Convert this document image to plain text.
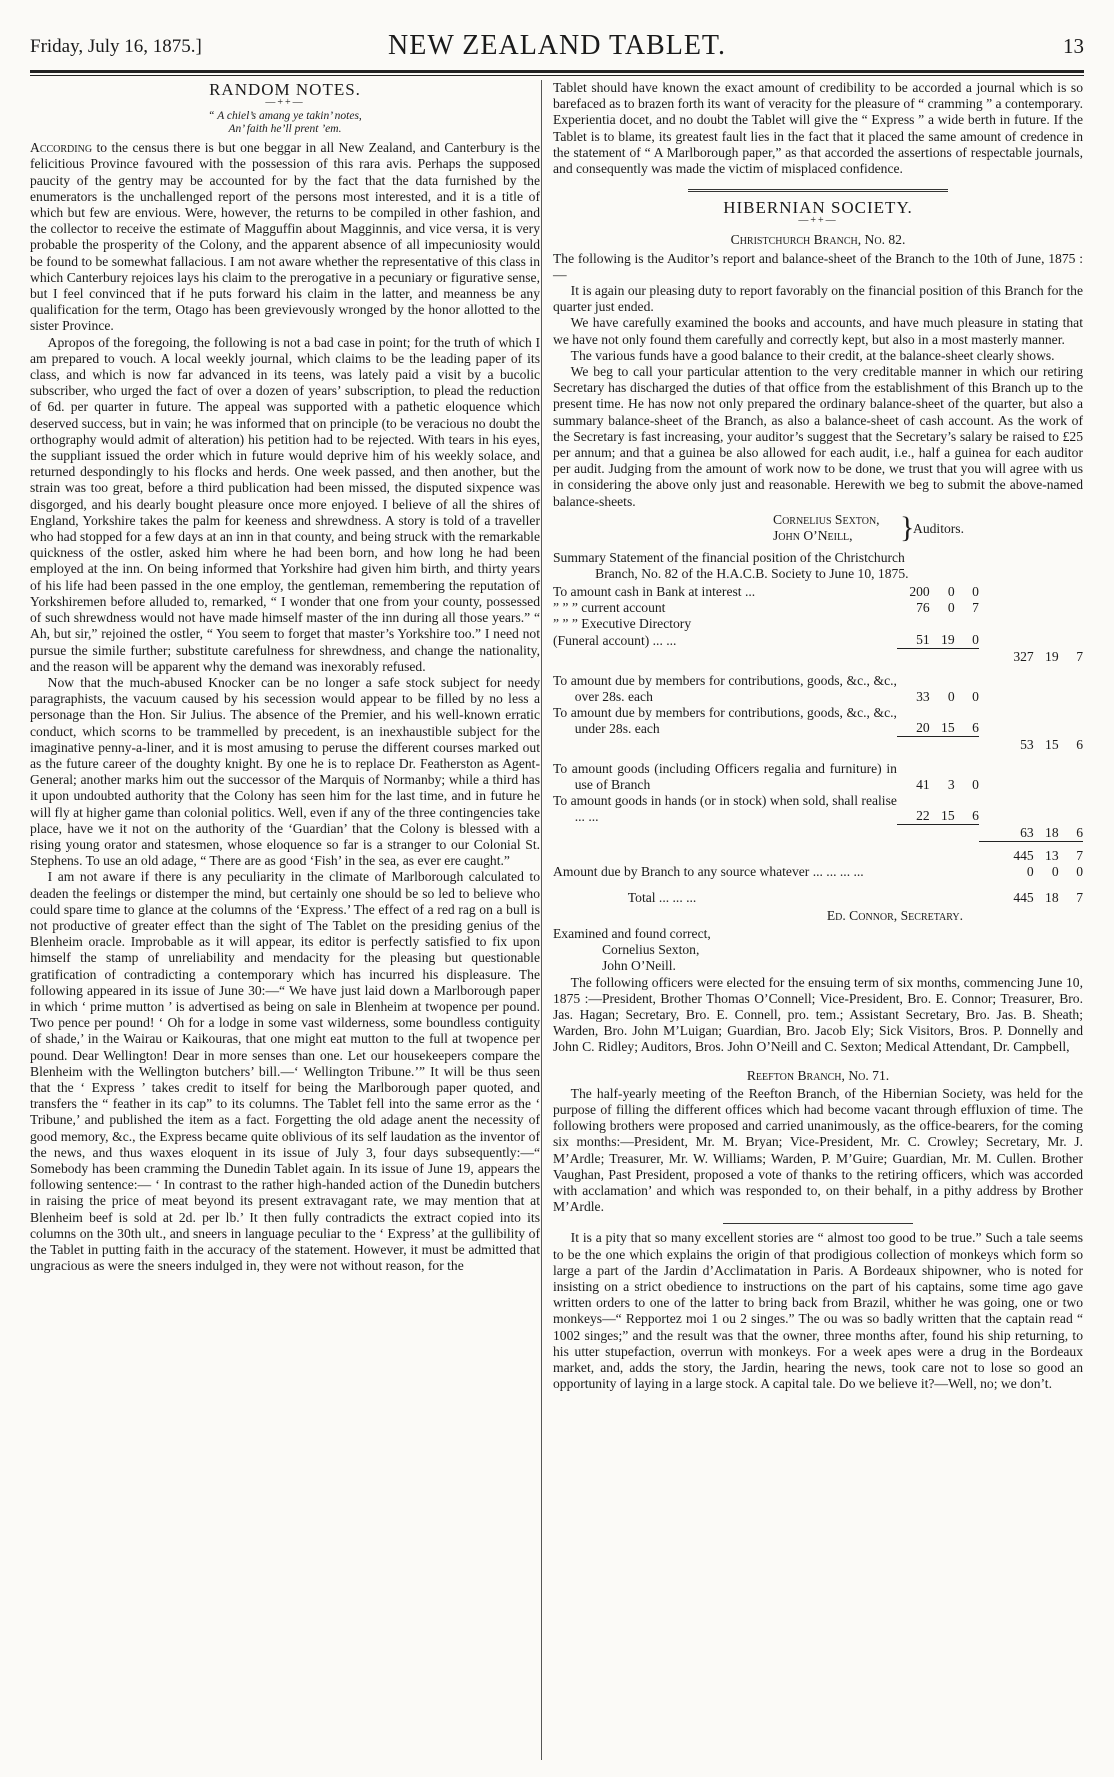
Friday, July 16, 1875.]	NEW ZEALAND TABLET.	13
RANDOM NOTES.
—++—
“ A chiel’s amang ye takin’ notes,
An’ faith he’ll prent ’em.

According to the census there is but one beggar in all New Zealand, and Canterbury is the felicitious Province favoured with the possession of this rara avis. Perhaps the supposed paucity of the gentry may be accounted for by the fact that the data furnished by the enumerators is the unchallenged report of the persons most interested, and it is a title of which but few are envious. Were, however, the returns to be compiled in other fashion, and the collector to receive the estimate of Magguffin about Magginnis, and vice versa, it is very probable the prosperity of the Colony, and the apparent absence of all impecuniosity would be found to be somewhat fallacious. I am not aware whether the representative of this class in which Canterbury rejoices lays his claim to the prerogative in a pecuniary or figurative sense, but I feel convinced that if he puts forward his claim in the latter, and meanness be any qualification for the term, Otago has been grevievously wronged by the honor allotted to the sister Province.

Apropos of the foregoing, the following is not a bad case in point; for the truth of which I am prepared to vouch. A local weekly journal, which claims to be the leading paper of its class, and which is now far advanced in its teens, was lately paid a visit by a bucolic subscriber, who urged the fact of over a dozen of years’ subscription, to plead the reduction of 6d. per quarter in future. The appeal was supported with a pathetic eloquence which deserved success, but in vain; he was informed that on principle (to be veracious no doubt the orthography would admit of alteration) his petition had to be rejected. With tears in his eyes, the suppliant issued the order which in future would deprive him of his weekly solace, and returned despondingly to his flocks and herds. One week passed, and then another, but the strain was too great, before a third publication had been missed, the disputed sixpence was disgorged, and his dearly bought pleasure once more enjoyed. I believe of all the shires of England, Yorkshire takes the palm for keeness and shrewdness. A story is told of a traveller who had stopped for a few days at an inn in that county, and being struck with the remarkable quickness of the ostler, asked him where he had been born, and how long he had been employed at the inn. On being informed that Yorkshire had given him birth, and thirty years of his life had been passed in the one employ, the gentleman, remembering the reputation of Yorkshiremen before alluded to, remarked, “ I wonder that one from your county, possessed of such shrewdness would not have made himself master of the inn during all those years.” “ Ah, but sir,” rejoined the ostler, “ You seem to forget that master’s Yorkshire too.” I need not pursue the simile further; substitute carefulness for shrewdness, and change the nationality, and the reason will be apparent why the demand was inexorably refused.

Now that the much-abused Knocker can be no longer a safe stock subject for needy paragraphists, the vacuum caused by his secession would appear to be filled by no less a personage than the Hon. Sir Julius. The absence of the Premier, and his well-known erratic conduct, which scorns to be trammelled by precedent, is an inexhaustible subject for the imaginative penny-a-liner, and it is most amusing to peruse the different courses marked out as the future career of the doughty knight. By one he is to replace Dr. Featherston as Agent-General; another marks him out the successor of the Marquis of Normanby; while a third has it upon undoubted authority that the Colony has seen him for the last time, and in future he will fly at higher game than colonial politics. Well, even if any of the three contingencies take place, have we it not on the authority of the ‘Guardian’ that the Colony is blessed with a rising young orator and statesmen, whose eloquence so far is a stranger to our Colonial St. Stephens. To use an old adage, “ There are as good ‘Fish’ in the sea, as ever ere caught.”

I am not aware if there is any peculiarity in the climate of Marlborough calculated to deaden the feelings or distemper the mind, but certainly one should be so led to believe who could spare time to glance at the columns of the ‘Express.’ The effect of a red rag on a bull is not productive of greater effect than the sight of The Tablet on the presiding genius of the Blenheim oracle. Improbable as it will appear, its editor is perfectly satisfied to fix upon himself the stamp of unreliability and mendacity for the pleasing but questionable gratification of contradicting a contemporary which has incurred his displeasure. The following appeared in its issue of June 30:—“ We have just laid down a Marlborough paper in which ‘ prime mutton ’ is advertised as being on sale in Blenheim at twopence per pound. Two pence per pound! ‘ Oh for a lodge in some vast wilderness, some boundless contiguity of shade,’ in the Wairau or Kaikouras, that one might eat mutton to the full at twopence per pound. Dear Wellington! Dear in more senses than one. Let our housekeepers compare the Blenheim with the Wellington butchers’ bill.—‘ Wellington Tribune.’” It will be thus seen that the ‘ Express ’ takes credit to itself for being the Marlborough paper quoted, and transfers the “ feather in its cap” to its columns. The Tablet fell into the same error as the ‘ Tribune,’ and published the item as a fact. Forgetting the old adage anent the necessity of good memory, &c., the Express became quite oblivious of its self laudation as the inventor of the news, and thus waxes eloquent in its issue of July 3, four days subsequently:—“ Somebody has been cramming the Dunedin Tablet again. In its issue of June 19, appears the following sentence:— ‘ In contrast to the rather high-handed action of the Dunedin butchers in raising the price of meat beyond its present extravagant rate, we may mention that at Blenheim beef is sold at 2d. per lb.’ It then fully contradicts the extract copied into its columns on the 30th ult., and sneers in language peculiar to the ‘ Express’ at the gullibility of the Tablet in putting faith in the accuracy of the statement. However, it must be admitted that ungracious as were the sneers indulged in, they were not without reason, for the

Tablet should have known the exact amount of credibility to be accorded a journal which is so barefaced as to brazen forth its want of veracity for the pleasure of “ cramming ” a contemporary. Experientia docet, and no doubt the Tablet will give the “ Express ” a wide berth in future. If the Tablet is to blame, its greatest fault lies in the fact that it placed the same amount of credence in the statement of “ A Marlborough paper,” as that accorded the assertions of respectable journals, and consequently was made the victim of misplaced confidence.

HIBERNIAN SOCIETY.
—++—
Christchurch Branch, No. 82.

The following is the Auditor’s report and balance-sheet of the Branch to the 10th of June, 1875 :—

It is again our pleasing duty to report favorably on the financial position of this Branch for the quarter just ended.

We have carefully examined the books and accounts, and have much pleasure in stating that we have not only found them carefully and correctly kept, but also in a most masterly manner.

The various funds have a good balance to their credit, at the balance-sheet clearly shows.

We beg to call your particular attention to the very creditable manner in which our retiring Secretary has discharged the duties of that office from the establishment of this Branch up to the present time. He has now not only prepared the ordinary balance-sheet of the quarter, but also a summary balance-sheet of the Branch, as also a balance-sheet of cash account. As the work of the Secretary is fast increasing, your auditor’s suggest that the Secretary’s salary be raised to £25 per annum; and that a guinea be also allowed for each audit, i.e., half a guinea for each auditor per audit. Judging from the amount of work now to be done, we trust that you will agree with us in considering the above only just and reasonable. Herewith we beg to submit the above-named balance-sheets.

Cornelius Sexton,
John O’Neill,	}
Auditors.
Summary Statement of the financial position of the Christchurch
Branch, No. 82 of the H.A.C.B. Society to June 10, 1875.
To amount cash in Bank at interest ...	200	0	0			
” ” ” current account	76	0	7			
” ” ” Executive Directory						
(Funeral account) ... ...	51	19	0			
				327	19	7

To amount due by members for contributions, goods, &c., &c., over 28s. each	33	0	0			
To amount due by members for contributions, goods, &c., &c., under 28s. each	20	15	6			
				53	15	6

To amount goods (including Officers regalia and furniture) in use of Branch	41	3	0			
To amount goods in hands (or in stock) when sold, shall realise ... ...	22	15	6			
				63	18	6

				445	13	7
Amount due by Branch to any source whatever ... ... ... ...				0	0	0

Total ... ... ...				445	18	7
Ed. Connor, Secretary.
Examined and found correct,
Cornelius Sexton,
John O’Neill.

The following officers were elected for the ensuing term of six months, commencing June 10, 1875 :—President, Brother Thomas O’Connell; Vice-President, Bro. E. Connor; Treasurer, Bro. Jas. Hagan; Secretary, Bro. E. Connell, pro. tem.; Assistant Secretary, Bro. Jas. B. Sheath; Warden, Bro. John M’Luigan; Guardian, Bro. Jacob Ely; Sick Visitors, Bros. P. Donnelly and John C. Ridley; Auditors, Bros. John O’Neill and C. Sexton; Medical Attendant, Dr. Campbell,

Reefton Branch, No. 71.

The half-yearly meeting of the Reefton Branch, of the Hibernian Society, was held for the purpose of filling the different offices which had become vacant through effluxion of time. The following brothers were proposed and carried unanimously, as the office-bearers, for the coming six months:—President, Mr. M. Bryan; Vice-President, Mr. C. Crowley; Secretary, Mr. J. M’Ardle; Treasurer, Mr. W. Williams; Warden, P. M’Guire; Guardian, Mr. M. Cullen. Brother Vaughan, Past President, proposed a vote of thanks to the retiring officers, which was accorded with acclamation’ and which was responded to, on their behalf, in a pithy address by Brother M’Ardle.

It is a pity that so many excellent stories are “ almost too good to be true.” Such a tale seems to be the one which explains the origin of that prodigious collection of monkeys which form so large a part of the Jardin d’Acclimatation in Paris. A Bordeaux shipowner, who is noted for insisting on a strict obedience to instructions on the part of his captains, some time ago gave written orders to one of the latter to bring back from Brazil, whither he was going, one or two monkeys—“ Repportez moi 1 ou 2 singes.” The ou was so badly written that the captain read “ 1002 singes;” and the result was that the owner, three months after, found his ship returning, to his utter stupefaction, overrun with monkeys. For a week apes were a drug in the Bordeaux market, and, adds the story, the Jardin, hearing the news, took care not to lose so good an opportunity of laying in a large stock. A capital tale. Do we believe it?—Well, no; we don’t.
